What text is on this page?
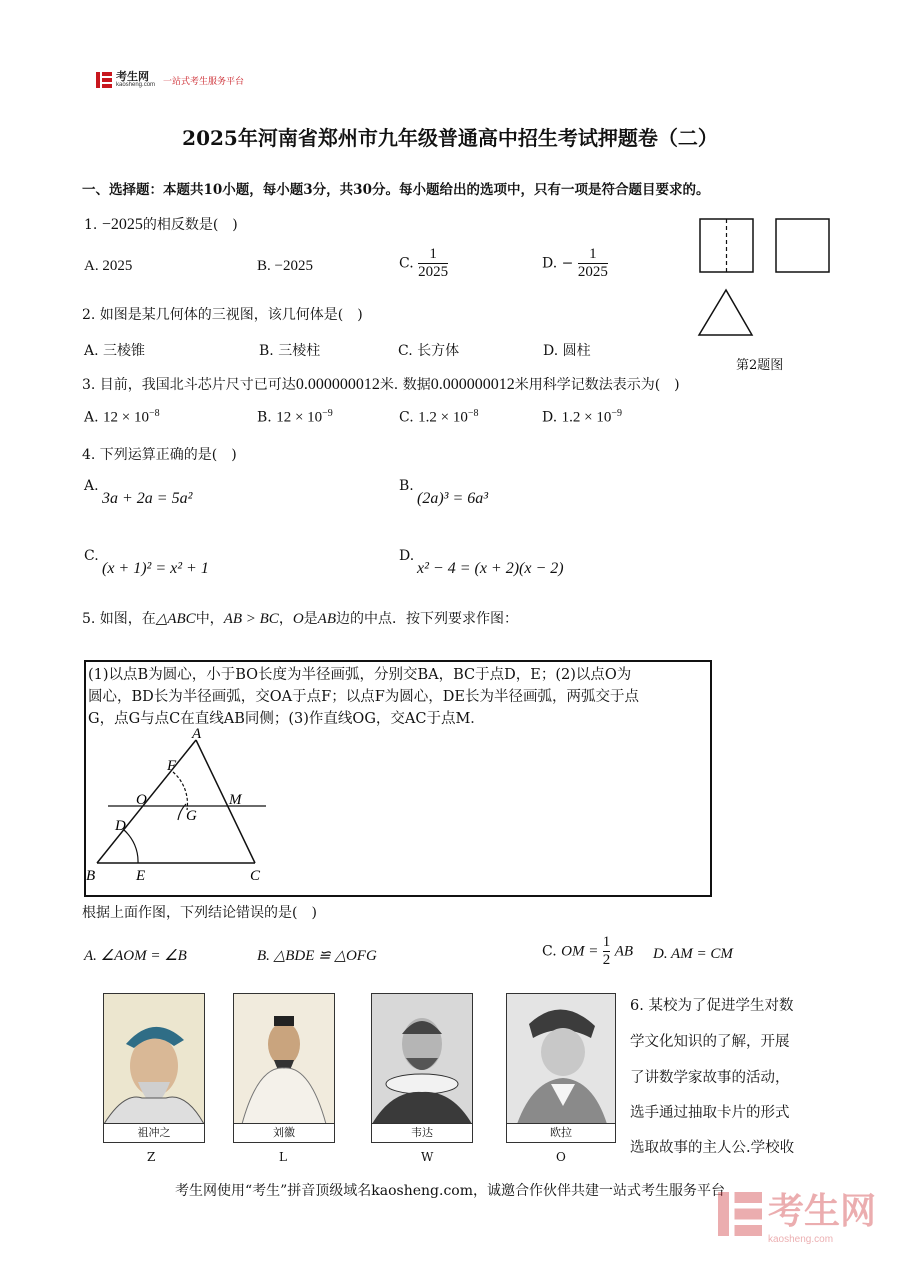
考生网
kaosheng.com 一站式考生服务平台
2025年河南省郑州市九年级普通高中招生考试押题卷（二）
一、选择题：本题共10小题，每小题3分，共30分。每小题给出的选项中，只有一项是符合题目要求的。
1. −2025的相反数是(　)
A. 2025	B. −2025	C. $\frac{1}{2025}$	D. − $\frac{1}{2025}$
第2题图
2. 如图是某几何体的三视图，该几何体是(　)
A. 三棱锥	B. 三棱柱	C. 长方体	D. 圆柱
3. 目前，我国北斗芯片尺寸已可达0.000000012米. 数据0.000000012米用科学记数法表示为(　)
A. $12 \times 10^{-8}$	B. $12 \times 10^{-9}$	C. $1.2 \times 10^{-8}$	D. $1.2 \times 10^{-9}$
4. 下列运算正确的是(　)
A.
3a + 2a = 5a²
B.
(2a)³ = 6a³
C.
(x + 1)² = x² + 1
D.
x² − 4 = (x + 2)(x − 2)
5. 如图，在△ABC中，AB > BC，O是AB边的中点．按下列要求作图：
(1)以点B为圆心，小于BO长度为半径画弧，分别交BA，BC于点D，E；(2)以点O为
圆心，BD长为半径画弧，交OA于点F；以点F为圆心，DE长为半径画弧，两弧交于点
G，点G与点C在直线AB同侧；(3)作直线OG，交AC于点M．
A
F
O	M
G
D
B	E	C
根据上面作图，下列结论错误的是(　)
A. ∠AOM = ∠B	B. △BDE ≌ △OFG	C. OM = $\frac{1}{2}$ AB D. AM = CM
祖冲之	刘徽	韦达	欧拉
Z	L	W	O
6. 某校为了促进学生对数
学文化知识的了解，开展
了讲数学家故事的活动，
选手通过抽取卡片的形式
选取故事的主人公.学校收
考生网使用“考生”拼音顶级域名kaosheng.com，诚邀合作伙伴共建一站式考生服务平台	考生网
kaosheng.com
